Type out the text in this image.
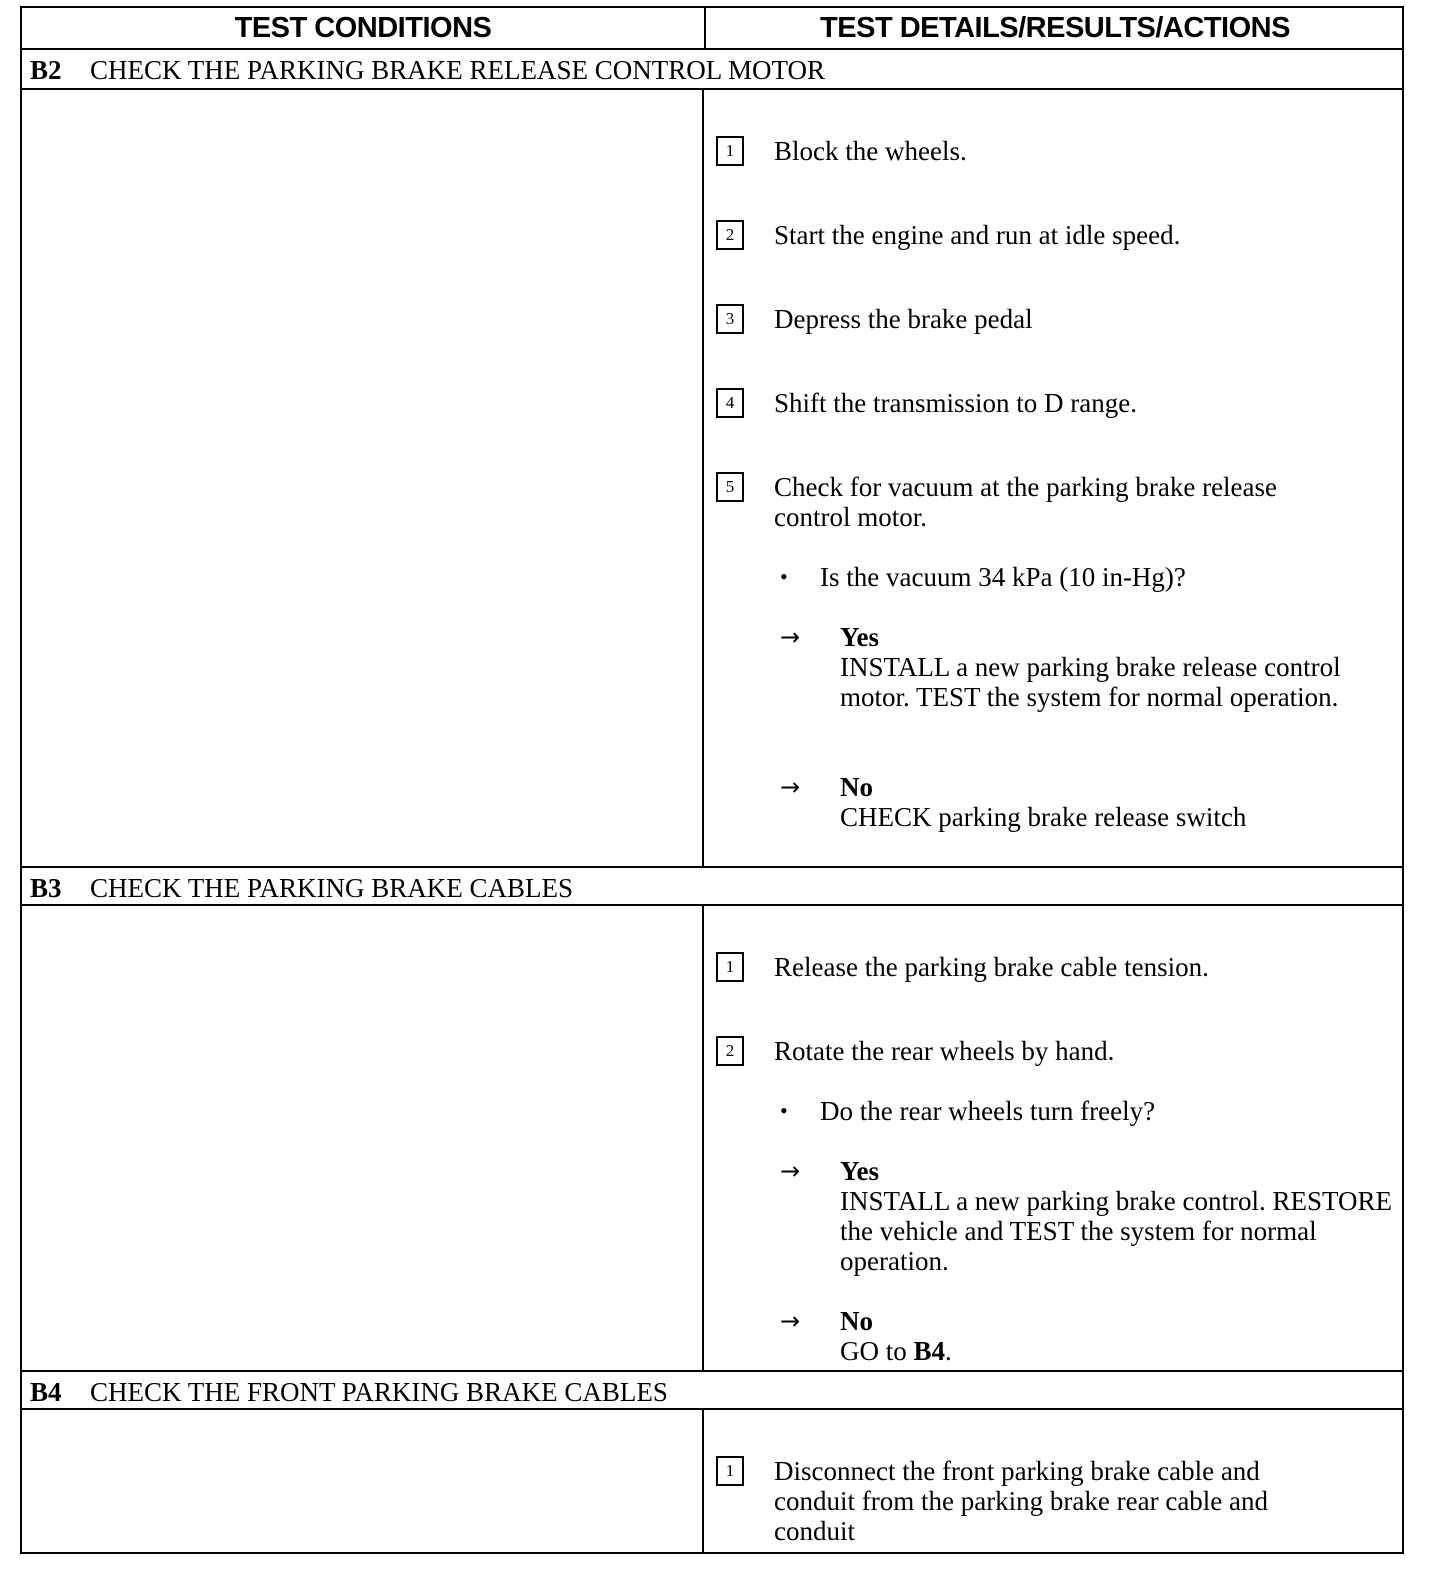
TEST CONDITIONS	TEST DETAILS/RESULTS/ACTIONS
B2 CHECK THE PARKING BRAKE RELEASE CONTROL MOTOR
1	Block the wheels.
2	Start the engine and run at idle speed.
3	Depress the brake pedal
4	Shift the transmission to D range.
5	Check for vacuum at the parking brake release control motor.
• Is the vacuum 34 kPa (10 in-Hg)?
→ Yes
INSTALL a new parking brake release control motor. TEST the system for normal operation.
→ No
CHECK parking brake release switch
B3 CHECK THE PARKING BRAKE CABLES
1	Release the parking brake cable tension.
2	Rotate the rear wheels by hand.
• Do the rear wheels turn freely?
→ Yes
INSTALL a new parking brake control. RESTORE the vehicle and TEST the system for normal operation.
→ No
GO to B4.
B4 CHECK THE FRONT PARKING BRAKE CABLES
1	Disconnect the front parking brake cable and conduit from the parking brake rear cable and conduit
